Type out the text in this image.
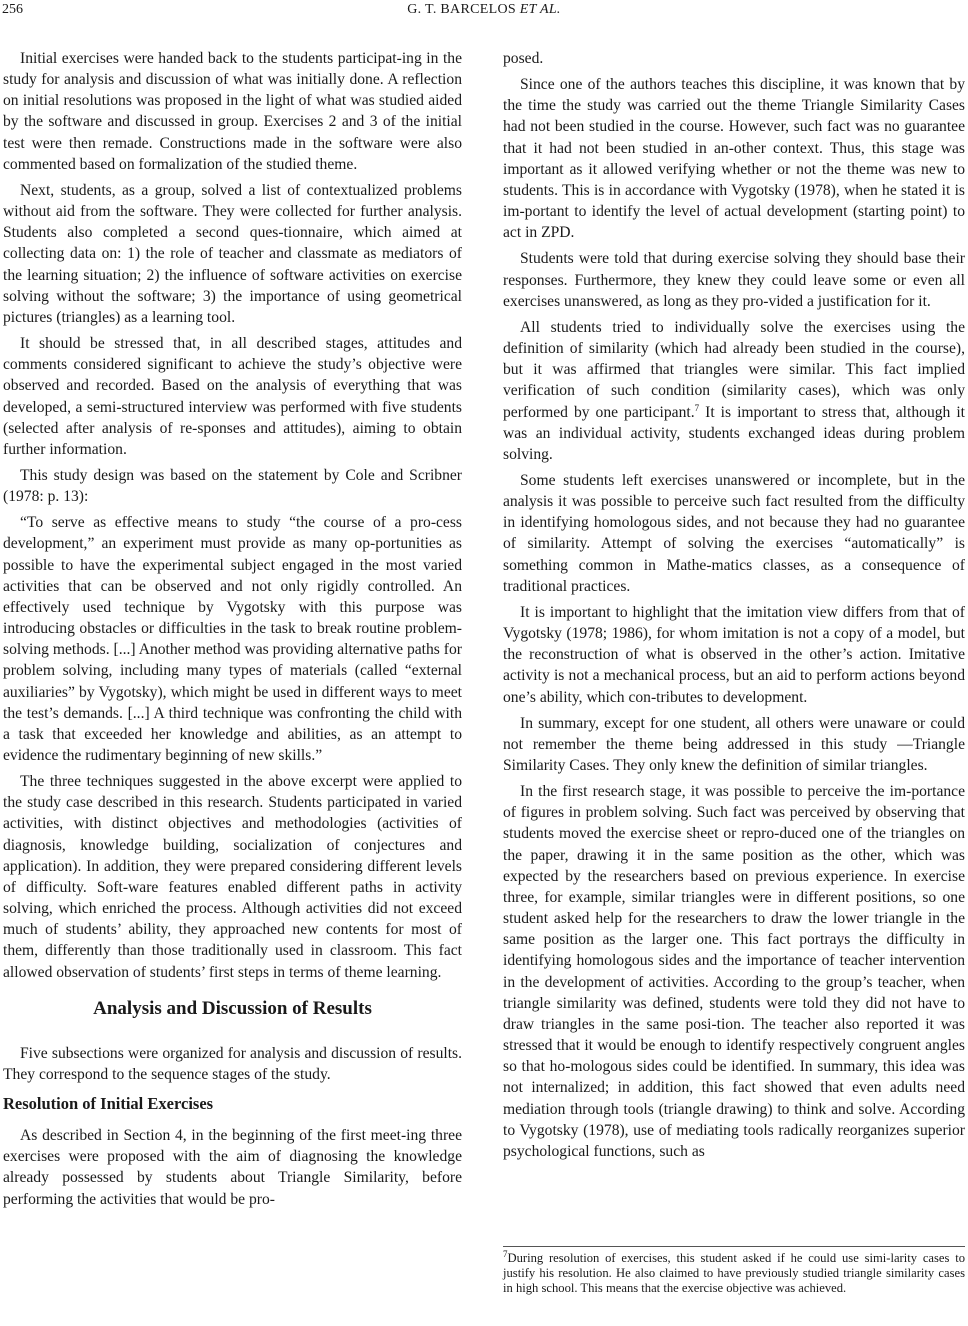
256	G. T. BARCELOS ET AL.

Initial exercises were handed back to the students participat-ing in the study for analysis and discussion of what was initially done. A reflection on initial resolutions was proposed in the light of what was studied aided by the software and discussed in group. Exercises 2 and 3 of the initial test were then remade. Constructions made in the software were also commented based on formalization of the studied theme.

Next, students, as a group, solved a list of contextualized problems without aid from the software. They were collected for further analysis. Students also completed a second ques-tionnaire, which aimed at collecting data on: 1) the role of teacher and classmate as mediators of the learning situation; 2) the influence of software activities on exercise solving without the software; 3) the importance of using geometrical pictures (triangles) as a learning tool.

It should be stressed that, in all described stages, attitudes and comments considered significant to achieve the study’s objective were observed and recorded. Based on the analysis of everything that was developed, a semi-structured interview was performed with five students (selected after analysis of re-sponses and attitudes), aiming to obtain further information.

This study design was based on the statement by Cole and Scribner (1978: p. 13):

“To serve as effective means to study “the course of a pro-cess development,” an experiment must provide as many op-portunities as possible to have the experimental subject engaged in the most varied activities that can be observed and not only rigidly controlled. An effectively used technique by Vygotsky with this purpose was introducing obstacles or difficulties in the task to break routine problem-solving methods. [...] Another method was providing alternative paths for problem solving, including many types of materials (called “external auxiliaries” by Vygotsky), which might be used in different ways to meet the test’s demands. [...] A third technique was confronting the child with a task that exceeded her knowledge and abilities, as an attempt to evidence the rudimentary beginning of new skills.”

The three techniques suggested in the above excerpt were applied to the study case described in this research. Students participated in varied activities, with distinct objectives and methodologies (activities of diagnosis, knowledge building, socialization of conjectures and application). In addition, they were prepared considering different levels of difficulty. Soft-ware features enabled different paths in activity solving, which enriched the process. Although activities did not exceed much of students’ ability, they approached new contents for most of them, differently than those traditionally used in classroom. This fact allowed observation of students’ first steps in terms of theme learning.

Analysis and Discussion of Results

Five subsections were organized for analysis and discussion of results. They correspond to the sequence stages of the study.

Resolution of Initial Exercises

As described in Section 4, in the beginning of the first meet-ing three exercises were proposed with the aim of diagnosing the knowledge already possessed by students about Triangle Similarity, before performing the activities that would be pro-

posed.

Since one of the authors teaches this discipline, it was known that by the time the study was carried out the theme Triangle Similarity Cases had not been studied in the course. However, such fact was no guarantee that it had not been studied in an-other context. Thus, this stage was important as it allowed verifying whether or not the theme was new to students. This is in accordance with Vygotsky (1978), when he stated it is im-portant to identify the level of actual development (starting point) to act in ZPD.

Students were told that during exercise solving they should base their responses. Furthermore, they knew they could leave some or even all exercises unanswered, as long as they pro-vided a justification for it.

All students tried to individually solve the exercises using the definition of similarity (which had already been studied in the course), but it was affirmed that triangles were similar. This fact implied verification of such condition (similarity cases), which was only performed by one participant.$^7$ It is important to stress that, although it was an individual activity, students exchanged ideas during problem solving.

Some students left exercises unanswered or incomplete, but in the analysis it was possible to perceive such fact resulted from the difficulty in identifying homologous sides, and not because they had no guarantee of similarity. Attempt of solving the exercises “automatically” is something common in Mathe-matics classes, as a consequence of traditional practices.

It is important to highlight that the imitation view differs from that of Vygotsky (1978; 1986), for whom imitation is not a copy of a model, but the reconstruction of what is observed in the other’s action. Imitative activity is not a mechanical process, but an aid to perform actions beyond one’s ability, which con-tributes to development.

In summary, except for one student, all others were unaware or could not remember the theme being addressed in this study —Triangle Similarity Cases. They only knew the definition of similar triangles.

In the first research stage, it was possible to perceive the im-portance of figures in problem solving. Such fact was perceived by observing that students moved the exercise sheet or repro-duced one of the triangles on the paper, drawing it in the same position as the other, which was expected by the researchers based on previous experience. In exercise three, for example, similar triangles were in different positions, so one student asked help for the researchers to draw the lower triangle in the same position as the larger one. This fact portrays the difficulty in identifying homologous sides and the importance of teacher intervention in the development of activities. According to the group’s teacher, when triangle similarity was defined, students were told they did not have to draw triangles in the same posi-tion. The teacher also reported it was stressed that it would be enough to identify respectively congruent angles so that ho-mologous sides could be identified. In summary, this idea was not internalized; in addition, this fact showed that even adults need mediation through tools (triangle drawing) to think and solve. According to Vygotsky (1978), use of mediating tools radically reorganizes superior psychological functions, such as

$^7$During resolution of exercises, this student asked if he could use simi-larity cases to justify his resolution. He also claimed to have previously studied triangle similarity cases in high school. This means that the exercise objective was achieved.
